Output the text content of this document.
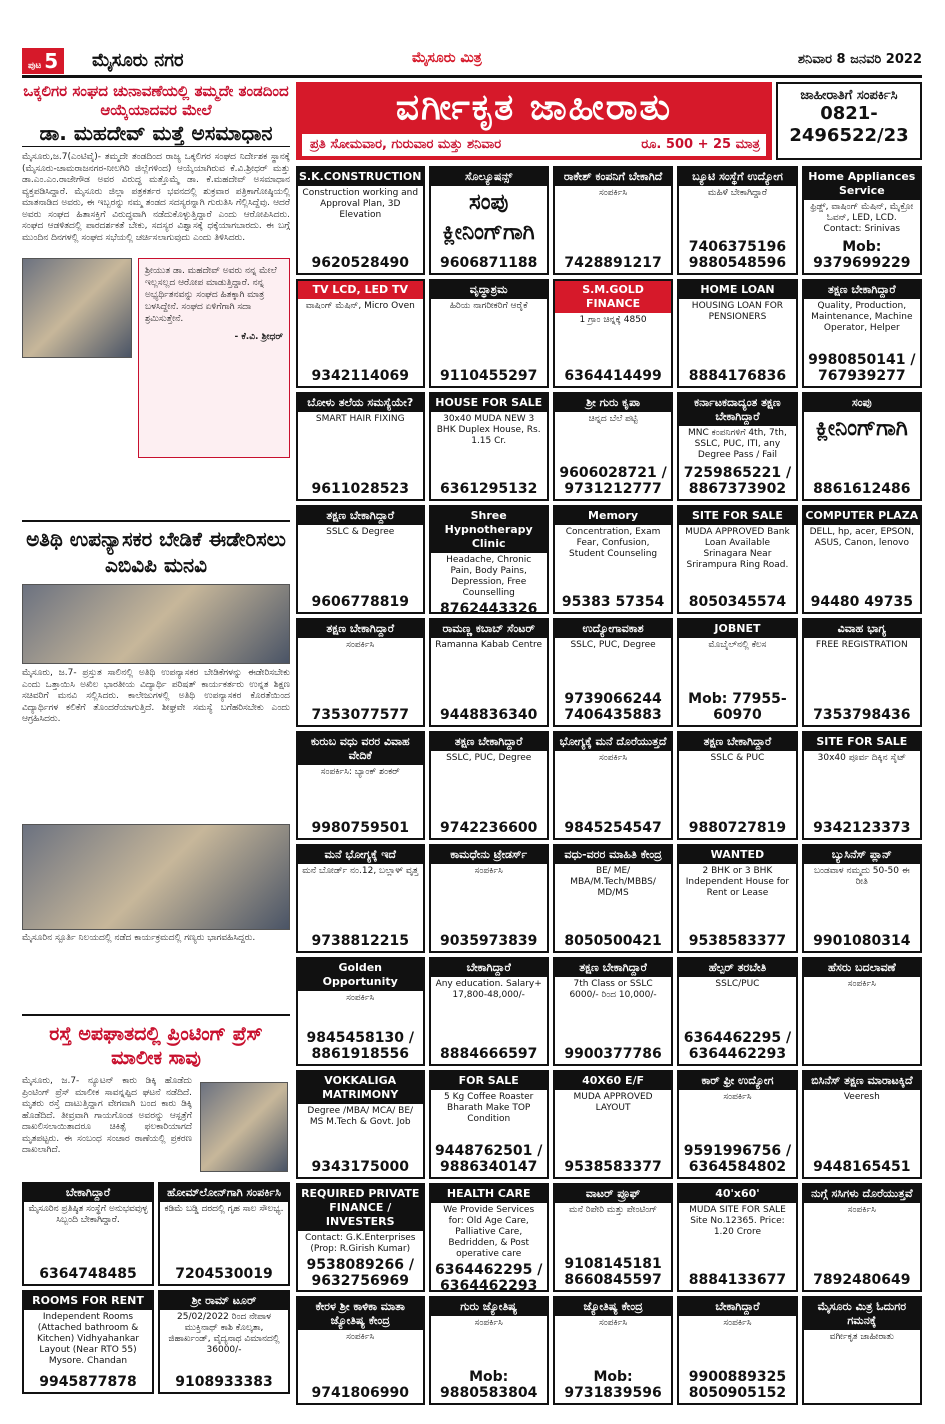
ಪುಟ 5	ಮೈಸೂರು ನಗರ	ಮೈಸೂರು ಮಿತ್ರ	ಶನಿವಾರ 8 ಜನವರಿ 2022
ಒಕ್ಕಲಿಗರ ಸಂಘದ ಚುನಾವಣೆಯಲ್ಲಿ ತಮ್ಮದೇ ತಂಡದಿಂದ ಆಯ್ಕೆಯಾದವರ ಮೇಲೆ
ಡಾ. ಮಹದೇವ್ ಮತ್ತೆ ಅಸಮಾಧಾನ
ಮೈಸೂರು,ಜ.7(ಎಂಟಿವೈ)- ತಮ್ಮದೇ ತಂಡದಿಂದ ರಾಜ್ಯ ಒಕ್ಕಲಿಗರ ಸಂಘದ ನಿರ್ದೇಶಕ ಸ್ಥಾನಕ್ಕೆ (ಮೈಸೂರು-ಚಾಮರಾಜನಗರ-ನೀಲಗಿರಿ ಜಿಲ್ಲೆಗಳಿಂದ) ಆಯ್ಕೆಯಾಗಿರುವ ಕೆ.ವಿ.ಶ್ರೀಧರ್ ಮತ್ತು ಡಾ.ಎಂ.ಎಂ.ರಾಜೇಗೌಡ ಅವರ ವಿರುದ್ಧ ಮತ್ತೊಮ್ಮೆ ಡಾ. ಕೆ.ಮಹದೇವ್ ಅಸಮಾಧಾನ ವ್ಯಕ್ತಪಡಿಸಿದ್ದಾರೆ. ಮೈಸೂರು ಜಿಲ್ಲಾ ಪತ್ರಕರ್ತರ ಭವನದಲ್ಲಿ ಶುಕ್ರವಾರ ಪತ್ರಿಕಾಗೋಷ್ಠಿಯಲ್ಲಿ ಮಾತನಾಡಿದ ಅವರು, ಈ ಇಬ್ಬರನ್ನು ನಮ್ಮ ತಂಡದ ಸದಸ್ಯರನ್ನಾಗಿ ಗುರುತಿಸಿ ಗೆಲ್ಲಿಸಿದ್ದೆವು. ಆದರೆ ಅವರು ಸಂಘದ ಹಿತಾಸಕ್ತಿಗೆ ವಿರುದ್ಧವಾಗಿ ನಡೆದುಕೊಳ್ಳುತ್ತಿದ್ದಾರೆ ಎಂದು ಆರೋಪಿಸಿದರು. ಸಂಘದ ಆಡಳಿತದಲ್ಲಿ ಪಾರದರ್ಶಕತೆ ಬೇಕು, ಸದಸ್ಯರ ವಿಶ್ವಾಸಕ್ಕೆ ಧಕ್ಕೆಯಾಗಬಾರದು. ಈ ಬಗ್ಗೆ ಮುಂದಿನ ದಿನಗಳಲ್ಲಿ ಸಂಘದ ಸಭೆಯಲ್ಲಿ ಚರ್ಚಿಸಲಾಗುವುದು ಎಂದು ತಿಳಿಸಿದರು.
ಶ್ರೀಯುತ ಡಾ. ಮಹದೇವ್ ಅವರು ನನ್ನ ಮೇಲೆ ಇಲ್ಲಸಲ್ಲದ ಆರೋಪ ಮಾಡುತ್ತಿದ್ದಾರೆ. ನನ್ನ ಅಭ್ಯರ್ಥಿತನವನ್ನು ಸಂಘದ ಹಿತಕ್ಕಾಗಿ ಮಾತ್ರ ಬಳಸಿದ್ದೇನೆ. ಸಂಘದ ಏಳಿಗೆಗಾಗಿ ಸದಾ ಶ್ರಮಿಸುತ್ತೇನೆ.
- ಕೆ.ವಿ. ಶ್ರೀಧರ್
ಅತಿಥಿ ಉಪನ್ಯಾಸಕರ ಬೇಡಿಕೆ ಈಡೇರಿಸಲು ಎಬಿವಿಪಿ ಮನವಿ
ಮೈಸೂರು, ಜ.7- ಪ್ರಸ್ತುತ ಸಾಲಿನಲ್ಲಿ ಅತಿಥಿ ಉಪನ್ಯಾಸಕರ ಬೇಡಿಕೆಗಳನ್ನು ಈಡೇರಿಸಬೇಕು ಎಂದು ಒತ್ತಾಯಿಸಿ ಅಖಿಲ ಭಾರತೀಯ ವಿದ್ಯಾರ್ಥಿ ಪರಿಷತ್ ಕಾರ್ಯಕರ್ತರು ಉನ್ನತ ಶಿಕ್ಷಣ ಸಚಿವರಿಗೆ ಮನವಿ ಸಲ್ಲಿಸಿದರು. ಕಾಲೇಜುಗಳಲ್ಲಿ ಅತಿಥಿ ಉಪನ್ಯಾಸಕರ ಕೊರತೆಯಿಂದ ವಿದ್ಯಾರ್ಥಿಗಳ ಕಲಿಕೆಗೆ ತೊಂದರೆಯಾಗುತ್ತಿದೆ. ಶೀಘ್ರವೇ ಸಮಸ್ಯೆ ಬಗೆಹರಿಸಬೇಕು ಎಂದು ಆಗ್ರಹಿಸಿದರು.
ಮೈಸೂರಿನ ಸ್ಪೂರ್ತಿ ನಿಲಯದಲ್ಲಿ ನಡೆದ ಕಾರ್ಯಕ್ರಮದಲ್ಲಿ ಗಣ್ಯರು ಭಾಗವಹಿಸಿದ್ದರು.
ರಸ್ತೆ ಅಪಘಾತದಲ್ಲಿ ಪ್ರಿಂಟಿಂಗ್ ಪ್ರೆಸ್ ಮಾಲೀಕ ಸಾವು
ಮೈಸೂರು, ಜ.7- ನ್ಯೂಟನ್ ಕಾರು ಡಿಕ್ಕಿ ಹೊಡೆದು ಪ್ರಿಂಟಿಂಗ್ ಪ್ರೆಸ್ ಮಾಲೀಕ ಸಾವನ್ನಪ್ಪಿದ ಘಟನೆ ನಡೆದಿದೆ. ಮೃತರು ರಸ್ತೆ ದಾಟುತ್ತಿದ್ದಾಗ ವೇಗವಾಗಿ ಬಂದ ಕಾರು ಡಿಕ್ಕಿ ಹೊಡೆದಿದೆ. ತೀವ್ರವಾಗಿ ಗಾಯಗೊಂಡ ಅವರನ್ನು ಆಸ್ಪತ್ರೆಗೆ ದಾಖಲಿಸಲಾಯಿತಾದರೂ ಚಿಕಿತ್ಸೆ ಫಲಕಾರಿಯಾಗದೆ ಮೃತಪಟ್ಟರು. ಈ ಸಂಬಂಧ ಸಂಚಾರ ಠಾಣೆಯಲ್ಲಿ ಪ್ರಕರಣ ದಾಖಲಾಗಿದೆ.
ಬೇಕಾಗಿದ್ದಾರೆ
ಮೈಸೂರಿನ ಪ್ರತಿಷ್ಠಿತ ಸಂಸ್ಥೆಗೆ ಅನುಭವವುಳ್ಳ ಸಿಬ್ಬಂದಿ ಬೇಕಾಗಿದ್ದಾರೆ.
6364748485
ಹೋಮ್‌ಲೋನ್‌ಗಾಗಿ ಸಂಪರ್ಕಿಸಿ
ಕಡಿಮೆ ಬಡ್ಡಿ ದರದಲ್ಲಿ ಗೃಹ ಸಾಲ ಸೌಲಭ್ಯ.
7204530019
ROOMS FOR RENT
Independent Rooms (Attached bathroom & Kitchen) Vidhyahankar Layout (Near RTO 55) Mysore. Chandan
9945877878
ಶ್ರೀ ರಾಮ್ ಟೂರ್
25/02/2022 ರಿಂದ ನೇಪಾಳ ಮುಕ್ತಿನಾಥ್ ಕಾಶಿ ಕೊಲ್ಕತಾ, ಜಿಹಾರ್ಖಂಡ್, ವೈದ್ಯನಾಥ ವಿಮಾನದಲ್ಲಿ 36000/-
9108933383
ವರ್ಗೀಕೃತ ಜಾಹೀರಾತು
ಪ್ರತಿ ಸೋಮವಾರ, ಗುರುವಾರ ಮತ್ತು ಶನಿವಾರ	ರೂ. 500 + 25 ಮಾತ್ರ
ಜಾಹೀರಾತಿಗೆ ಸಂಪರ್ಕಿಸಿ
0821-
2496522/23
S.K.CONSTRUCTION
Construction working and Approval Plan, 3D Elevation
9620528490
ಸೊಲ್ಯೂಷನ್ಸ್
ಸಂಪು ಕ್ಲೀನಿಂಗ್‌ಗಾಗಿ
9606871188
ರಾಕೇಶ್ ಕಂಪನಿಗೆ ಬೇಕಾಗಿದೆ
ಸಂಪರ್ಕಿಸಿ
7428891217
ಬ್ಯೂಟಿ ಸಂಸ್ಥೆಗೆ ಉದ್ಯೋಗ
ಮಹಿಳೆ ಬೇಕಾಗಿದ್ದಾರೆ
7406375196 9880548596
Home Appliances Service
ಫ್ರಿಡ್ಜ್, ವಾಷಿಂಗ್ ಮೆಷಿನ್, ಮೈಕ್ರೋ ಓವನ್, LED, LCD. Contact: Srinivas
Mob: 9379699229
TV LCD, LED TV
ವಾಷಿಂಗ್ ಮೆಷಿನ್, Micro Oven
9342114069
ವೃದ್ಧಾಶ್ರಮ
ಹಿರಿಯ ನಾಗರೀಕರಿಗೆ ಆರೈಕೆ
9110455297
S.M.GOLD FINANCE
1 ಗ್ರಾಂ ಚಿನ್ನಕ್ಕೆ 4850
6364414499
HOME LOAN
HOUSING LOAN FOR PENSIONERS
8884176836
ತಕ್ಷಣ ಬೇಕಾಗಿದ್ದಾರೆ
Quality, Production, Maintenance, Machine Operator, Helper
9980850141 / 767939277
ಬೋಳು ತಲೆಯ ಸಮಸ್ಯೆಯೇ?
SMART HAIR FIXING
9611028523
HOUSE FOR SALE
30x40 MUDA NEW 3 BHK Duplex House, Rs. 1.15 Cr.
6361295132
ಶ್ರೀ ಗುರು ಕೃಪಾ
ಚಿನ್ನದ ಬೆಲೆ ಪಟ್ಟಿ
9606028721 / 9731212777
ಕರ್ನಾಟಕದಾದ್ಯಂತ ತಕ್ಷಣ ಬೇಕಾಗಿದ್ದಾರೆ
MNC ಕಂಪನಿಗಳಿಗೆ 4th, 7th, SSLC, PUC, ITI, any Degree Pass / Fail
7259865221 / 8867373902
ಸಂಪು
ಕ್ಲೀನಿಂಗ್‌ಗಾಗಿ
8861612486
ತಕ್ಷಣ ಬೇಕಾಗಿದ್ದಾರೆ
SSLC & Degree
9606778819
Shree Hypnotherapy Clinic
Headache, Chronic Pain, Body Pains, Depression, Free Counselling
8762443326
Memory
Concentration, Exam Fear, Confusion, Student Counseling
95383 57354
SITE FOR SALE
MUDA APPROVED Bank Loan Available Srinagara Near Srirampura Ring Road.
8050345574
COMPUTER PLAZA
DELL, hp, acer, EPSON, ASUS, Canon, lenovo
94480 49735
ತಕ್ಷಣ ಬೇಕಾಗಿದ್ದಾರೆ
ಸಂಪರ್ಕಿಸಿ
7353077577
ರಾಮಣ್ಣ ಕಬಾಬ್ ಸೆಂಟರ್
Ramanna Kabab Centre
9448836340
ಉದ್ಯೋಗಾವಕಾಶ
SSLC, PUC, Degree
9739066244 7406435883
JOBNET
ಮೊಬೈಲ್‌ನಲ್ಲಿ ಕೆಲಸ
Mob: 77955-60970
ವಿವಾಹ ಭಾಗ್ಯ
FREE REGISTRATION
7353798436
ಕುರುಬ ವಧು ವರರ ವಿವಾಹ ವೇದಿಕೆ
ಸಂಪರ್ಕಿಸಿ: ಬ್ಯಾಂಕ್ ಶಂಕರ್
9980759501
ತಕ್ಷಣ ಬೇಕಾಗಿದ್ದಾರೆ
SSLC, PUC, Degree
9742236600
ಭೋಗ್ಯಕ್ಕೆ ಮನೆ ದೊರೆಯುತ್ತದೆ
ಸಂಪರ್ಕಿಸಿ
9845254547
ತಕ್ಷಣ ಬೇಕಾಗಿದ್ದಾರೆ
SSLC & PUC
9880727819
SITE FOR SALE
30x40 ಪೂರ್ವ ದಿಕ್ಕಿನ ಸೈಟ್
9342123373
ಮನೆ ಭೋಗ್ಯಕ್ಕೆ ಇದೆ
ಮನೆ ಬೋರ್ಡ್ ನಂ.12, ಬಲ್ಲಾಳ್ ವೃತ್ತ
9738812215
ಕಾಮಧೇನು ಟ್ರೇಡರ್ಸ್
ಸಂಪರ್ಕಿಸಿ
9035973839
ವಧು-ವರರ ಮಾಹಿತಿ ಕೇಂದ್ರ
BE/ ME/ MBA/M.Tech/MBBS/ MD/MS
8050500421
WANTED
2 BHK or 3 BHK Independent House for Rent or Lease
9538583377
ಬ್ಯುಸಿನೆಸ್ ಪ್ಲಾನ್
ಬಂಡವಾಳ ನಮ್ಮದು 50-50 ಈ ರೀತಿ
9901080314
Golden Opportunity
ಸಂಪರ್ಕಿಸಿ
9845458130 / 8861918556
ಬೇಕಾಗಿದ್ದಾರೆ
Any education. Salary+ 17,800-48,000/-
8884666597
ತಕ್ಷಣ ಬೇಕಾಗಿದ್ದಾರೆ
7th Class or SSLC 6000/- ರಿಂದ 10,000/-
9900377786
ಹೆಲ್ಪರ್ ತರಬೇತಿ
SSLC/PUC
6364462295 / 6364462293
ಹೆಸರು ಬದಲಾವಣೆ
ಸಂಪರ್ಕಿಸಿ
VOKKALIGA MATRIMONY
Degree /MBA/ MCA/ BE/ MS M.Tech & Govt. Job
9343175000
FOR SALE
5 Kg Coffee Roaster Bharath Make TOP Condition
9448762501 / 9886340147
40X60 E/F
MUDA APPROVED LAYOUT
9538583377
ಕಾರ್ ಫ್ರೀ ಉದ್ಯೋಗ
ಸಂಪರ್ಕಿಸಿ
9591996756 / 6364584802
ಬಿಸಿನೆಸ್ ತಕ್ಷಣ ಮಾರಾಟಕ್ಕಿದೆ
Veeresh
9448165451
REQUIRED PRIVATE FINANCE / INVESTERS
Contact: G.K.Enterprises (Prop: R.Girish Kumar)
9538089266 / 9632756969
HEALTH CARE
We Provide Services for: Old Age Care, Palliative Care, Bedridden, & Post operative care
6364462295 / 6364462293
ವಾಟರ್ ಪ್ರೂಫ್
ಮನೆ ರಿಪೇರಿ ಮತ್ತು ಪೇಂಟಿಂಗ್
9108145181 8660845597
40'x60'
MUDA SITE FOR SALE Site No.12365. Price: 1.20 Crore
8884133677
ನುಗ್ಗೆ ಸಸಿಗಳು ದೊರೆಯುತ್ತವೆ
ಸಂಪರ್ಕಿಸಿ
7892480649
ಕೇರಳ ಶ್ರೀ ಕಾಳಿಕಾ ಮಾತಾ ಜ್ಯೋತಿಷ್ಯ ಕೇಂದ್ರ
ಸಂಪರ್ಕಿಸಿ
9741806990
ಗುರು ಜ್ಯೋತಿಷ್ಯ
ಸಂಪರ್ಕಿಸಿ
Mob: 9880583804
ಜ್ಯೋತಿಷ್ಯ ಕೇಂದ್ರ
ಸಂಪರ್ಕಿಸಿ
Mob: 9731839596
ಬೇಕಾಗಿದ್ದಾರೆ
ಸಂಪರ್ಕಿಸಿ
9900889325 8050905152
ಮೈಸೂರು ಮಿತ್ರ ಓದುಗರ ಗಮನಕ್ಕೆ
ವರ್ಗೀಕೃತ ಜಾಹೀರಾತು
